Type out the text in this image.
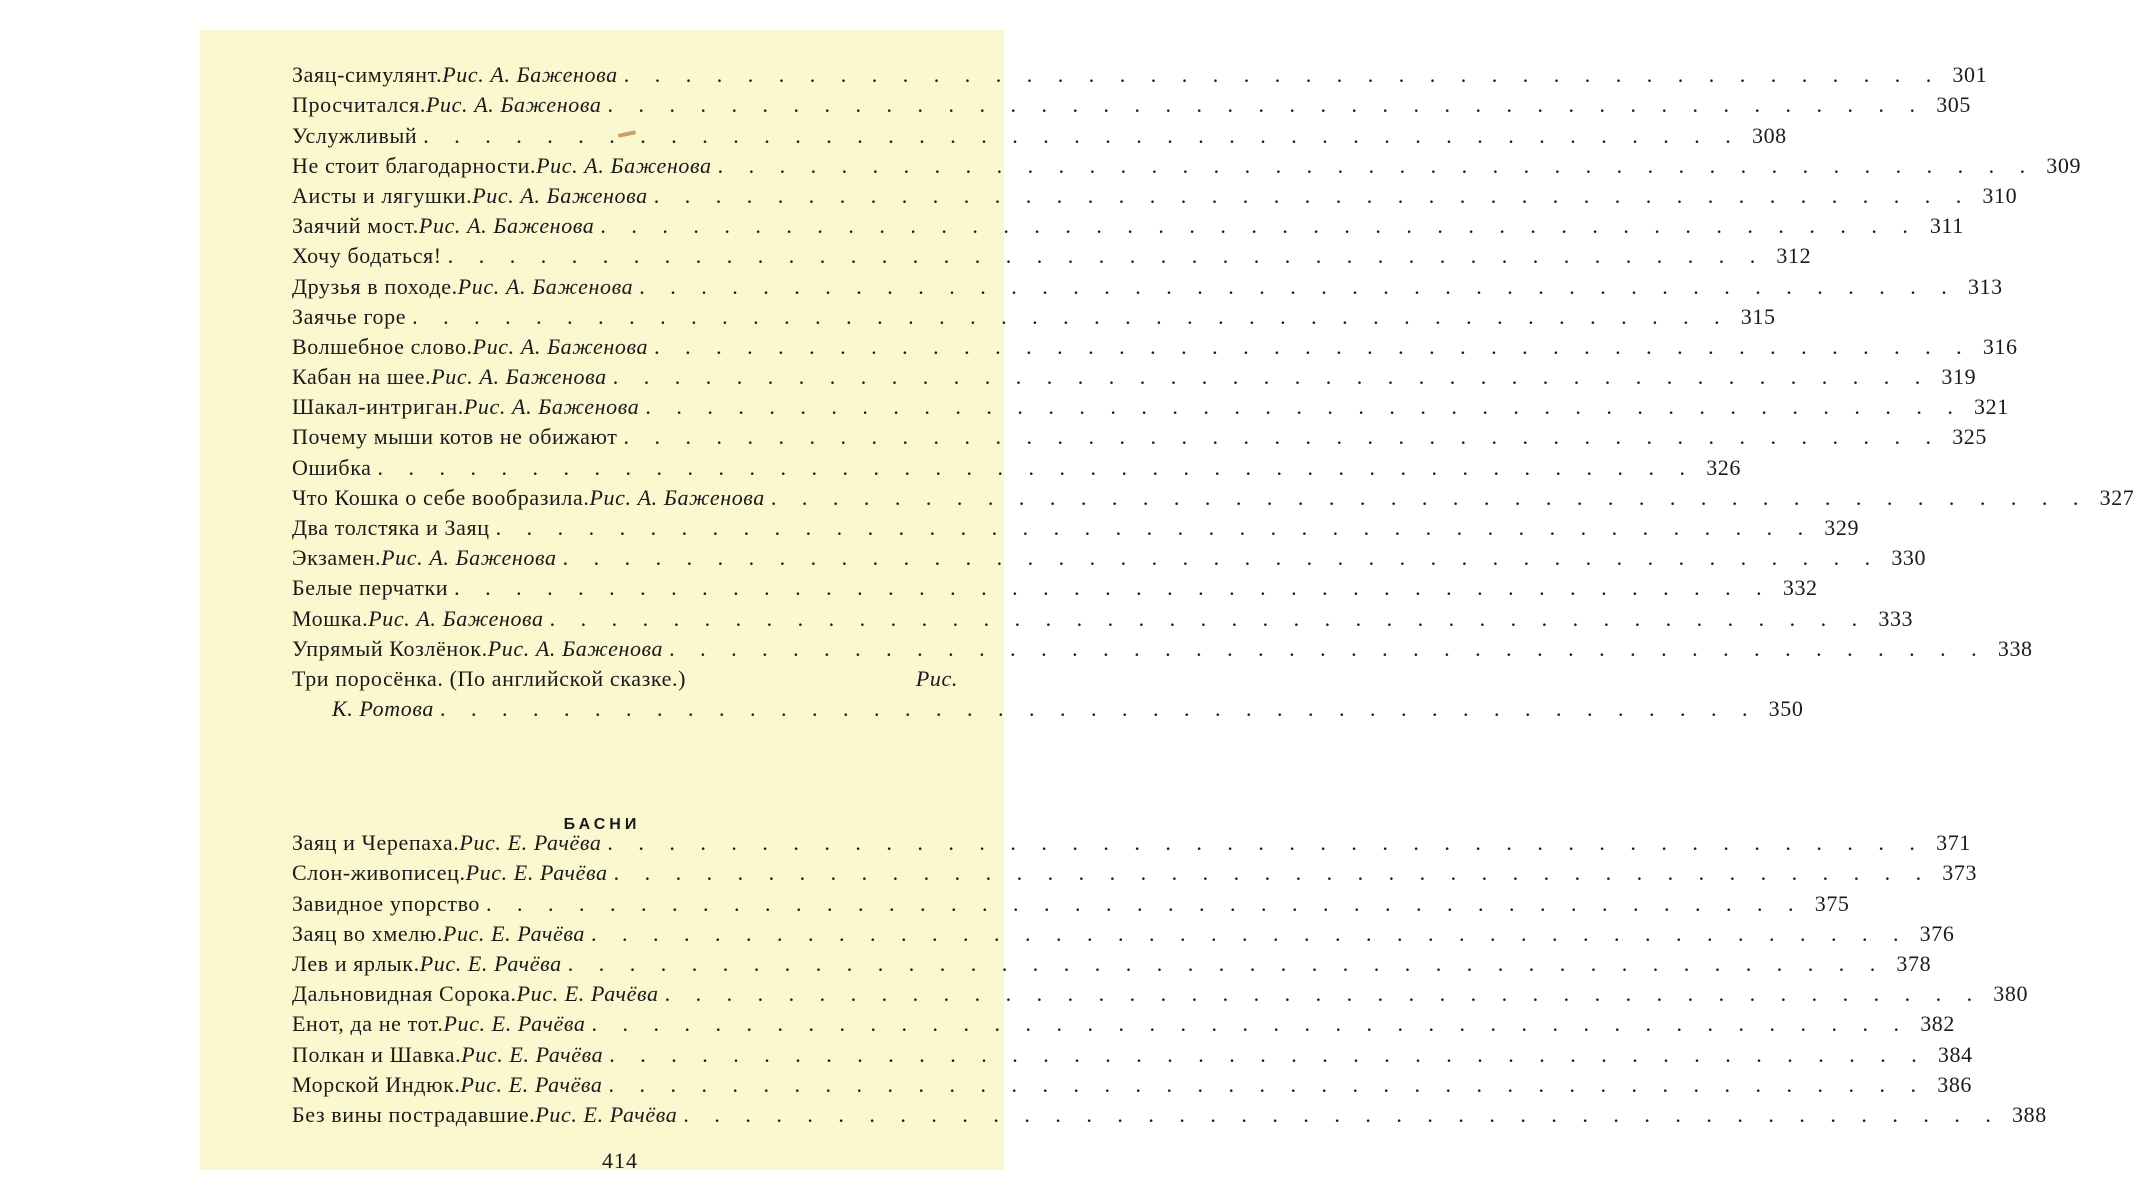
Заяц-симулянт. Рис. А. Баженова . . . . . . . . . . . . . . . . . . . . . . . . . . . . . . . . . . . . . . . . . . . 301
Просчитался. Рис. А. Баженова . . . . . . . . . . . . . . . . . . . . . . . . . . . . . . . . . . . . . . . . . . . 305
Услужливый . . . . . . . . . . . . . . . . . . . . . . . . . . . . . . . . . . . . . . . . . . . 308
Не стоит благодарности. Рис. А. Баженова . . . . . . . . . . . . . . . . . . . . . . . . . . . . . . . . . . . . . . . . . . . 309
Аисты и лягушки. Рис. А. Баженова . . . . . . . . . . . . . . . . . . . . . . . . . . . . . . . . . . . . . . . . . . . 310
Заячий мост. Рис. А. Баженова . . . . . . . . . . . . . . . . . . . . . . . . . . . . . . . . . . . . . . . . . . . 311
Хочу бодаться! . . . . . . . . . . . . . . . . . . . . . . . . . . . . . . . . . . . . . . . . . . . 312
Друзья в походе. Рис. А. Баженова . . . . . . . . . . . . . . . . . . . . . . . . . . . . . . . . . . . . . . . . . . . 313
Заячье горе . . . . . . . . . . . . . . . . . . . . . . . . . . . . . . . . . . . . . . . . . . . 315
Волшебное слово. Рис. А. Баженова . . . . . . . . . . . . . . . . . . . . . . . . . . . . . . . . . . . . . . . . . . . 316
Кабан на шее. Рис. А. Баженова . . . . . . . . . . . . . . . . . . . . . . . . . . . . . . . . . . . . . . . . . . . 319
Шакал-интриган. Рис. А. Баженова . . . . . . . . . . . . . . . . . . . . . . . . . . . . . . . . . . . . . . . . . . . 321
Почему мыши котов не обижают . . . . . . . . . . . . . . . . . . . . . . . . . . . . . . . . . . . . . . . . . . . 325
Ошибка . . . . . . . . . . . . . . . . . . . . . . . . . . . . . . . . . . . . . . . . . . . 326
Что Кошка о себе вообразила. Рис. А. Баженова . . . . . . . . . . . . . . . . . . . . . . . . . . . . . . . . . . . . . . . . . . . 327
Два толстяка и Заяц . . . . . . . . . . . . . . . . . . . . . . . . . . . . . . . . . . . . . . . . . . . 329
Экзамен. Рис. А. Баженова . . . . . . . . . . . . . . . . . . . . . . . . . . . . . . . . . . . . . . . . . . . 330
Белые перчатки . . . . . . . . . . . . . . . . . . . . . . . . . . . . . . . . . . . . . . . . . . . 332
Мошка. Рис. А. Баженова . . . . . . . . . . . . . . . . . . . . . . . . . . . . . . . . . . . . . . . . . . . 333
Упрямый Козлёнок. Рис. А. Баженова . . . . . . . . . . . . . . . . . . . . . . . . . . . . . . . . . . . . . . . . . . . 338
Три поросёнка. (По английской сказке.)	Рис.
К. Ротова . . . . . . . . . . . . . . . . . . . . . . . . . . . . . . . . . . . . . . . . . . . 350
БАСНИ
Заяц и Черепаха. Рис. Е. Рачёва . . . . . . . . . . . . . . . . . . . . . . . . . . . . . . . . . . . . . . . . . . . 371
Слон-живописец. Рис. Е. Рачёва . . . . . . . . . . . . . . . . . . . . . . . . . . . . . . . . . . . . . . . . . . . 373
Завидное упорство . . . . . . . . . . . . . . . . . . . . . . . . . . . . . . . . . . . . . . . . . . . 375
Заяц во хмелю. Рис. Е. Рачёва . . . . . . . . . . . . . . . . . . . . . . . . . . . . . . . . . . . . . . . . . . . 376
Лев и ярлык. Рис. Е. Рачёва . . . . . . . . . . . . . . . . . . . . . . . . . . . . . . . . . . . . . . . . . . . 378
Дальновидная Сорока. Рис. Е. Рачёва . . . . . . . . . . . . . . . . . . . . . . . . . . . . . . . . . . . . . . . . . . . 380
Енот, да не тот. Рис. Е. Рачёва . . . . . . . . . . . . . . . . . . . . . . . . . . . . . . . . . . . . . . . . . . . 382
Полкан и Шавка. Рис. Е. Рачёва . . . . . . . . . . . . . . . . . . . . . . . . . . . . . . . . . . . . . . . . . . . 384
Морской Индюк. Рис. Е. Рачёва . . . . . . . . . . . . . . . . . . . . . . . . . . . . . . . . . . . . . . . . . . . 386
Без вины пострадавшие. Рис. Е. Рачёва . . . . . . . . . . . . . . . . . . . . . . . . . . . . . . . . . . . . . . . . . . . 388
414
